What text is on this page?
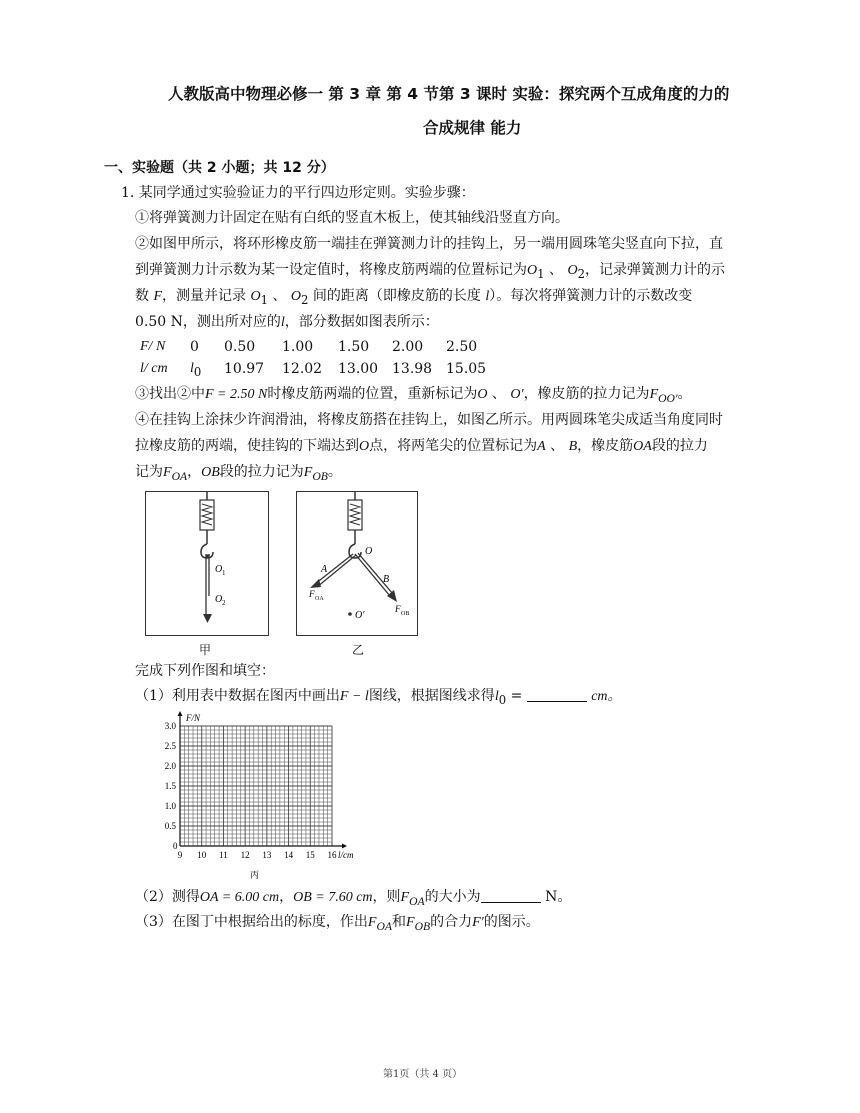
人教版高中物理必修一 第 3 章 第 4 节第 3 课时 实验：探究两个互成角度的力的
合成规律 能力
一、实验题（共 2 小题；共 12 分）
1. 某同学通过实验验证力的平行四边形定则。实验步骤：
①将弹簧测力计固定在贴有白纸的竖直木板上，使其轴线沿竖直方向。
②如图甲所示，将环形橡皮筋一端挂在弹簧测力计的挂钩上，另一端用圆珠笔尖竖直向下拉，直
到弹簧测力计示数为某一设定值时，将橡皮筋两端的位置标记为$O_1$ 、 $O_2$，记录弹簧测力计的示
数 F，测量并记录 $O_1$ 、 $O_2$ 间的距离（即橡皮筋的长度 l）。每次将弹簧测力计的示数改变
0.50 N，测出所对应的l，部分数据如图表所示：
F/ N	0	0.50	1.00	1.50	2.00	2.50
l/ cm	$l_0$	10.97	12.02	13.00	13.98	15.05
③找出②中F = 2.50 N时橡皮筋两端的位置，重新标记为O 、 O′，橡皮筋的拉力记为$F_{OO'}$。
④在挂钩上涂抹少许润滑油，将橡皮筋搭在挂钩上，如图乙所示。用两圆珠笔尖成适当角度同时
拉橡皮筋的两端，使挂钩的下端达到O点，将两笔尖的位置标记为A 、 B，橡皮筋OA段的拉力
记为$F_{OA}$，OB段的拉力记为$F_{OB}$。
O 1
O 2
甲
O
A
B
F OA
F OB
O′
乙
完成下列作图和填空：
（1）利用表中数据在图丙中画出F − l图线，根据图线求得$l_0$ =	cm。
F/N
l/cm
0
丙
9 10 11 12 13 14 15 16
0.5
1.0
1.5
2.0
2.5
3.0
（2）测得OA = 6.00 cm，OB = 7.60 cm，则$F_{OA}$的大小为	N。
（3）在图丁中根据给出的标度，作出$F_{OA}$和$F_{OB}$的合力F′的图示。
第1页（共 4 页）
